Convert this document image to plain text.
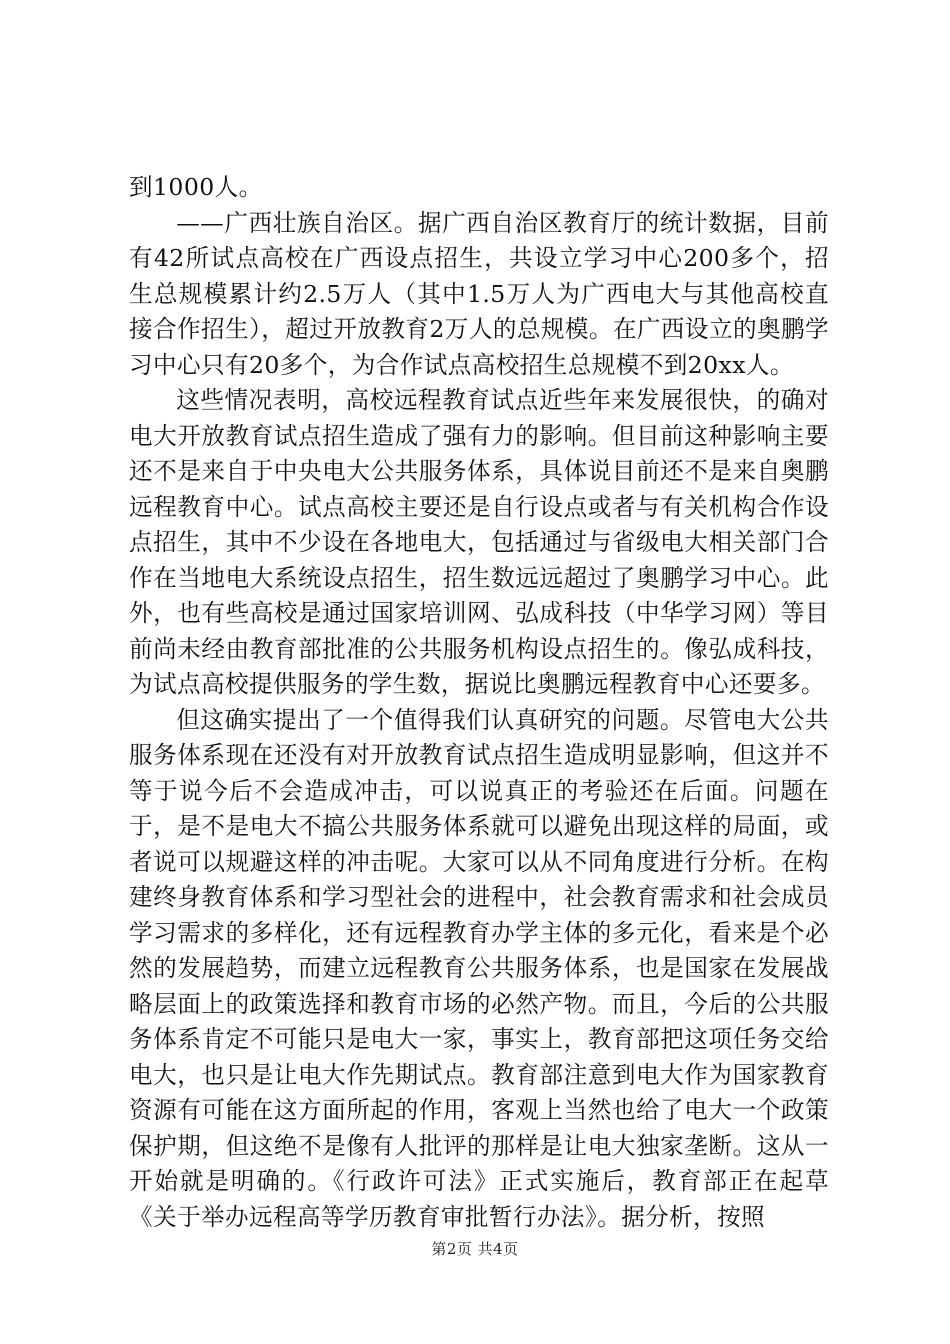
到1000人。

——广西壮族自治区。据广西自治区教育厅的统计数据，目前有42所试点高校在广西设点招生，共设立学习中心200多个，招生总规模累计约2.5万人（其中1.5万人为广西电大与其他高校直接合作招生），超过开放教育2万人的总规模。在广西设立的奥鹏学习中心只有20多个，为合作试点高校招生总规模不到20xx人。

这些情况表明，高校远程教育试点近些年来发展很快，的确对电大开放教育试点招生造成了强有力的影响。但目前这种影响主要还不是来自于中央电大公共服务体系，具体说目前还不是来自奥鹏远程教育中心。试点高校主要还是自行设点或者与有关机构合作设点招生，其中不少设在各地电大，包括通过与省级电大相关部门合作在当地电大系统设点招生，招生数远远超过了奥鹏学习中心。此外，也有些高校是通过国家培训网、弘成科技（中华学习网）等目前尚未经由教育部批准的公共服务机构设点招生的。像弘成科技，为试点高校提供服务的学生数，据说比奥鹏远程教育中心还要多。

但这确实提出了一个值得我们认真研究的问题。尽管电大公共服务体系现在还没有对开放教育试点招生造成明显影响，但这并不等于说今后不会造成冲击，可以说真正的考验还在后面。问题在于，是不是电大不搞公共服务体系就可以避免出现这样的局面，或者说可以规避这样的冲击呢。大家可以从不同角度进行分析。在构建终身教育体系和学习型社会的进程中，社会教育需求和社会成员学习需求的多样化，还有远程教育办学主体的多元化，看来是个必然的发展趋势，而建立远程教育公共服务体系，也是国家在发展战略层面上的政策选择和教育市场的必然产物。而且，今后的公共服务体系肯定不可能只是电大一家，事实上，教育部把这项任务交给电大，也只是让电大作先期试点。教育部注意到电大作为国家教育资源有可能在这方面所起的作用，客观上当然也给了电大一个政策保护期，但这绝不是像有人批评的那样是让电大独家垄断。这从一开始就是明确的。《行政许可法》正式实施后，教育部正在起草《关于举办远程高等学历教育审批暂行办法》。据分析，按照

第2页 共4页
